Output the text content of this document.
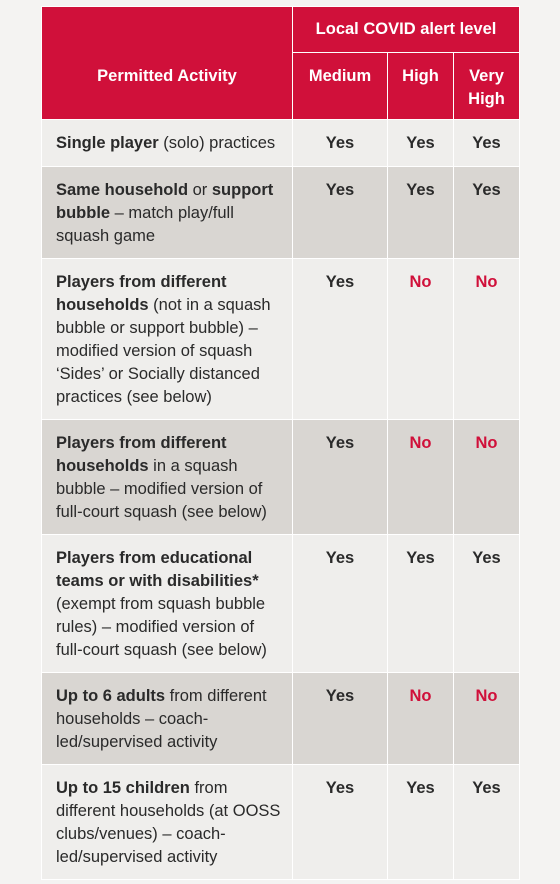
	Local COVID alert level		
Permitted Activity	Medium	High	Very High
Single player (solo) practices	Yes	Yes	Yes
Same household or support bubble – match play/full squash game	Yes	Yes	Yes
Players from different households (not in a squash bubble or support bubble) – modified version of squash ‘Sides’ or Socially distanced practices (see below)	Yes	No	No
Players from different households in a squash bubble – modified version of full-court squash (see below)	Yes	No	No
Players from educational teams or with disabilities* (exempt from squash bubble rules) – modified version of full-court squash (see below)	Yes	Yes	Yes
Up to 6 adults from different households – coach-led/supervised activity	Yes	No	No
Up to 15 children from different households (at OOSS clubs/venues) – coach-led/supervised activity	Yes	Yes	Yes
